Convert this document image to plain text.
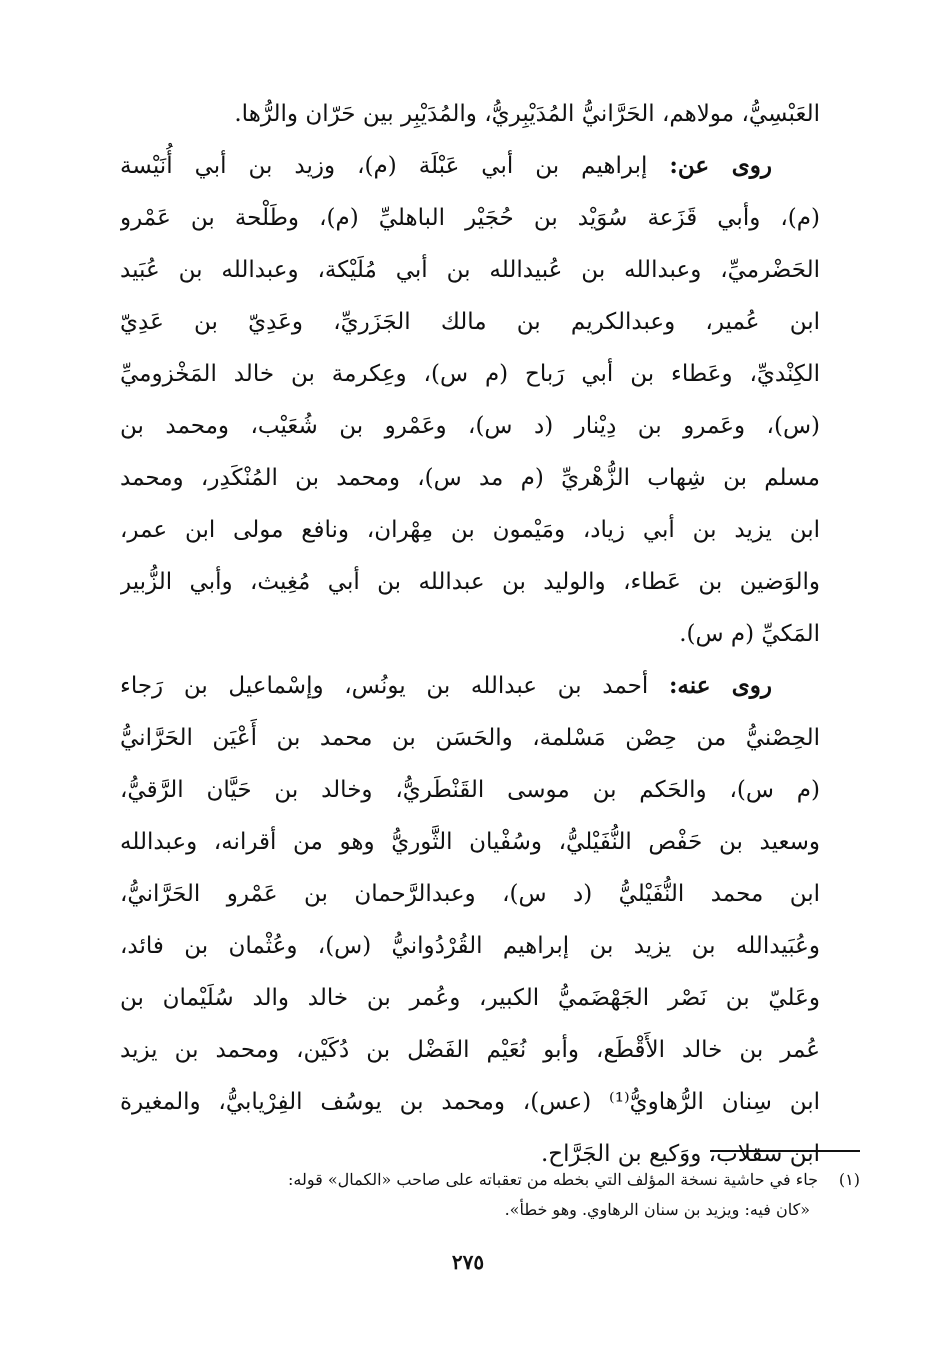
العَبْسِيُّ، مولاهم، الحَرَّانيُّ المُدَيْبِريُّ، والمُدَيْبِر بين حَرّان والرُّها.
روى عن: إبراهيم بن أبي عَبْلَة (م)، وزيد بن أبي أُنَيْسة
(م)، وأبي قَزَعة سُوَيْد بن حُجَيْر الباهليِّ (م)، وطَلْحة بن عَمْرو
الحَضْرميِّ، وعبدالله بن عُبيدالله بن أبي مُلَيْكة، وعبدالله بن عُبَيد
ابن عُمير، وعبدالكريم بن مالك الجَزَريِّ، وعَدِيّ بن عَدِيّ
الكِنْديِّ، وعَطاء بن أبي رَباح (م س)، وعِكرمة بن خالد المَخْزوميِّ
(س)، وعَمرو بن دِيْنار (د س)، وعَمْرو بن شُعَيْب، ومحمد بن
مسلم بن شِهاب الزُّهْريِّ (م مد س)، ومحمد بن المُنْكَدِر، ومحمد
ابن يزيد بن أبي زياد، ومَيْمون بن مِهْران، ونافع مولى ابن عمر،
والوَضين بن عَطاء، والوليد بن عبدالله بن أبي مُغِيث، وأبي الزُّبير
المَكيِّ (م س).
روى عنه: أحمد بن عبدالله بن يونُس، وإسْماعيل بن رَجاء
الحِصْنيُّ من حِصْن مَسْلمة، والحَسَن بن محمد بن أَعْيَن الحَرَّانيُّ
(م س)، والحَكم بن موسى القَنْطَريُّ، وخالد بن حَيَّان الرَّقيُّ،
وسعيد بن حَفْص النُّفَيْليُّ، وسُفْيان الثَّوريُّ وهو من أقرانه، وعبدالله
ابن محمد النُّفَيْليُّ (د س)، وعبدالرَّحمان بن عَمْرو الحَرَّانيُّ،
وعُبَيدالله بن يزيد بن إبراهيم القُرْدُوانيُّ (س)، وعُثْمان بن فائد،
وعَليّ بن نَصْر الجَهْضَميُّ الكبير، وعُمر بن خالد والد سُلَيْمان بن
عُمر بن خالد الأَقْطَع، وأبو نُعَيْم الفَضْل بن دُكَيْن، ومحمد بن يزيد
ابن سِنان الرُّهاويُّ⁽¹⁾ (عس)، ومحمد بن يوسُف الفِرْيابيُّ، والمغيرة
ابن سقلاب، ووَكيع بن الجَرَّاح.
(١)جاء في حاشية نسخة المؤلف التي بخطه من تعقباته على صاحب «الكمال» قوله:
«كان فيه: ويزيد بن سنان الرهاوي. وهو خطأ».
٢٧٥
